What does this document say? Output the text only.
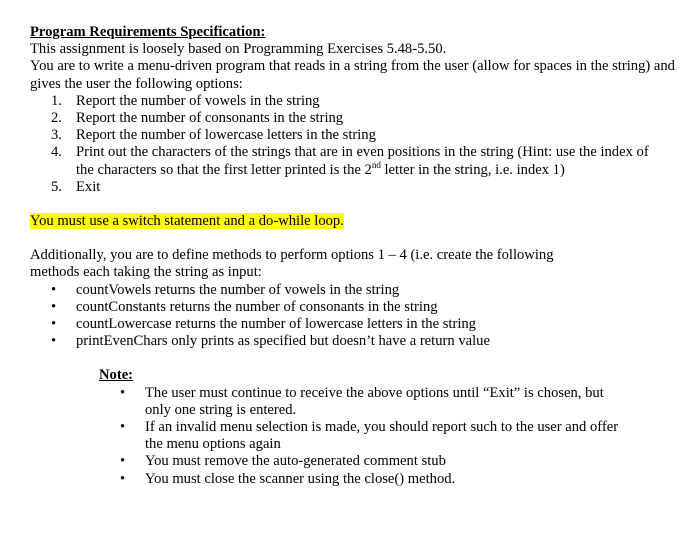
Program Requirements Specification:

This assignment is loosely based on Programming Exercises 5.48-5.50.

You are to write a menu-driven program that reads in a string from the user (allow for spaces in the string) and gives the user the following options:

1. Report the number of vowels in the string
2. Report the number of consonants in the string
3. Report the number of lowercase letters in the string
4. Print out the characters of the strings that are in even positions in the string (Hint: use the index of the characters so that the first letter printed is the 2nd letter in the string, i.e. index 1)
5. Exit

You must use a switch statement and a do-while loop.

Additionally, you are to define methods to perform options 1 – 4 (i.e. create the following methods each taking the string as input:

• countVowels returns the number of vowels in the string
• countConstants returns the number of consonants in the string
• countLowercase returns the number of lowercase letters in the string
• printEvenChars only prints as specified but doesn’t have a return value
Note:
• The user must continue to receive the above options until “Exit” is chosen, but only one string is entered.
• If an invalid menu selection is made, you should report such to the user and offer the menu options again
• You must remove the auto-generated comment stub
• You must close the scanner using the close() method.
